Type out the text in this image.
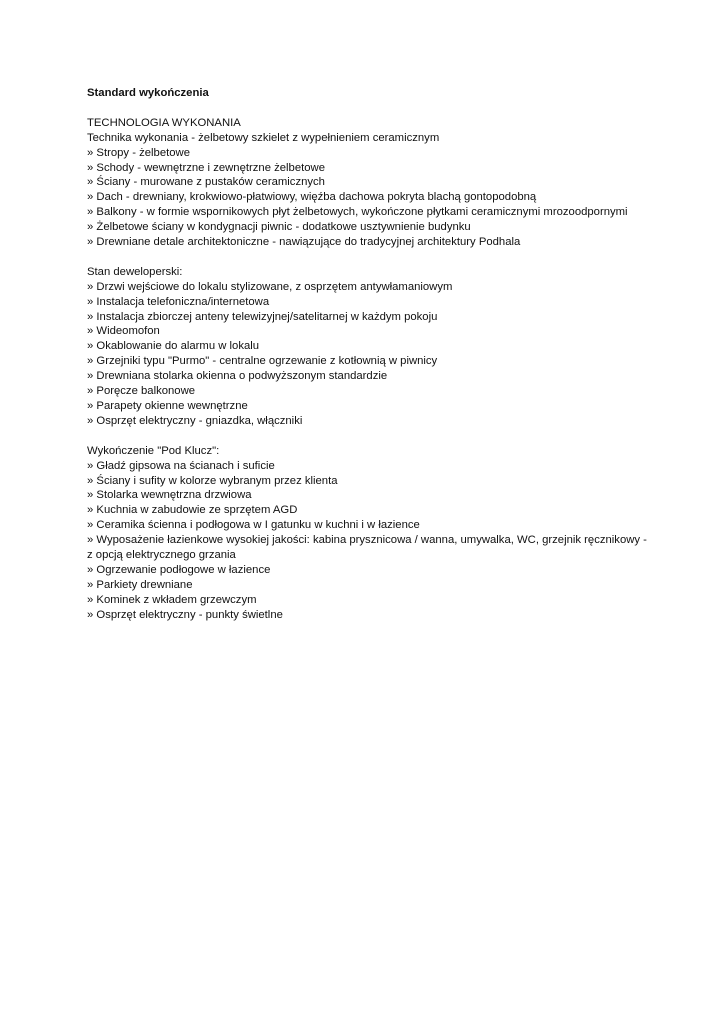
Standard wykończenia
TECHNOLOGIA WYKONANIA
Technika wykonania - żelbetowy szkielet z wypełnieniem ceramicznym
» Stropy - żelbetowe
» Schody - wewnętrzne i zewnętrzne żelbetowe
» Ściany - murowane z pustaków ceramicznych
» Dach - drewniany, krokwiowo-płatwiowy, więźba dachowa pokryta blachą gontopodobną
» Balkony - w formie wspornikowych płyt żelbetowych, wykończone płytkami ceramicznymi mrozoodpornymi
» Żelbetowe ściany w kondygnacji piwnic - dodatkowe usztywnienie budynku
» Drewniane detale architektoniczne - nawiązujące do tradycyjnej architektury Podhala
Stan deweloperski:
» Drzwi wejściowe do lokalu stylizowane, z osprzętem antywłamaniowym
» Instalacja telefoniczna/internetowa
» Instalacja zbiorczej anteny telewizyjnej/satelitarnej w każdym pokoju
» Wideomofon
» Okablowanie do alarmu w lokalu
» Grzejniki typu "Purmo" - centralne ogrzewanie z kotłownią w piwnicy
» Drewniana stolarka okienna o podwyższonym standardzie
» Poręcze balkonowe
» Parapety okienne wewnętrzne
» Osprzęt elektryczny - gniazdka, włączniki
Wykończenie "Pod Klucz":
» Gładź gipsowa na ścianach i suficie
» Ściany i sufity w kolorze wybranym przez klienta
» Stolarka wewnętrzna drzwiowa
» Kuchnia w zabudowie ze sprzętem AGD
» Ceramika ścienna i podłogowa w I gatunku w kuchni i w łazience
» Wyposażenie łazienkowe wysokiej jakości: kabina prysznicowa / wanna, umywalka, WC, grzejnik ręcznikowy -
z opcją elektrycznego grzania
» Ogrzewanie podłogowe w łazience
» Parkiety drewniane
» Kominek z wkładem grzewczym
» Osprzęt elektryczny - punkty świetlne
